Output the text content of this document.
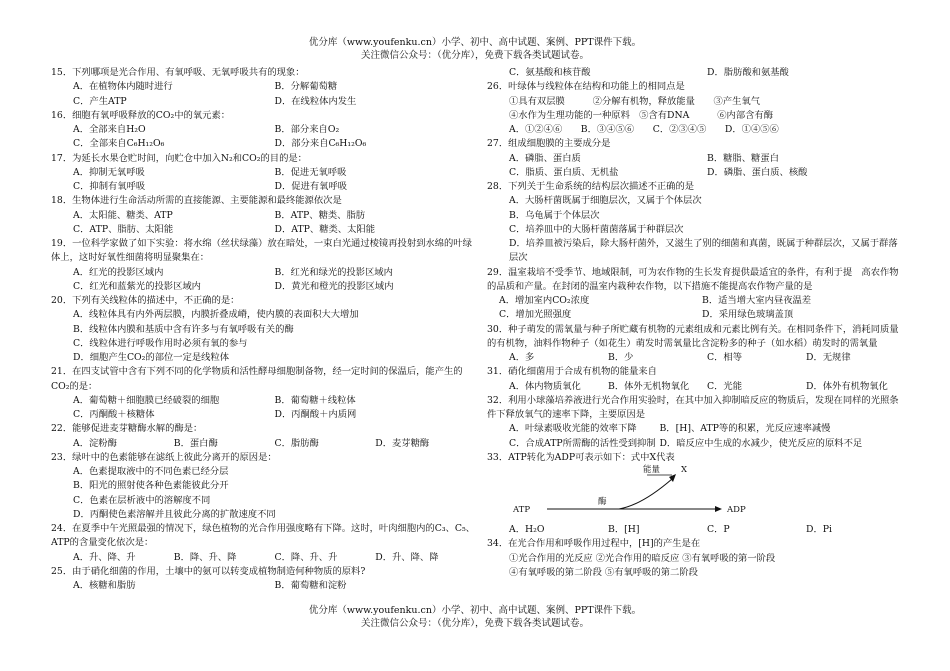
优分库（www.youfenku.cn）小学、初中、高中试题、案例、PPT课件下载。
关注微信公众号：（优分库），免费下载各类试题试卷。
15．下列哪项是光合作用、有氧呼吸、无氧呼吸共有的现象：
A．在植物体内随时进行	B．分解葡萄糖
C．产生ATP	D．在线粒体内发生
16．细胞有氧呼吸释放的CO₂中的氧元素：
A．全部来自H₂O	B．部分来自O₂
C．全部来自C₆H₁₂O₆	D．部分来自C₆H₁₂O₆
17．为延长水果仓贮时间，向贮仓中加入N₂和CO₂的目的是：
A．抑制无氧呼吸	B．促进无氧呼吸
C．抑制有氧呼吸	D．促进有氧呼吸
18．生物体进行生命活动所需的直接能源、主要能源和最终能源依次是
A．太阳能、糖类、ATP	B．ATP、糖类、脂肪
C．ATP、脂肪、太阳能	D．ATP、糖类、太阳能
19．一位科学家做了如下实验：将水绵（丝状绿藻）放在暗处，一束白光通过棱镜再投射到水绵的叶绿体上，这时好氧性细菌将明显聚集在：
A．红光的投影区域内	B．红光和绿光的投影区域内
C．红光和蓝紫光的投影区域内	D．黄光和橙光的投影区域内
20．下列有关线粒体的描述中，不正确的是：
A．线粒体具有内外两层膜，内膜折叠成嵴，使内膜的表面积大大增加
B．线粒体内膜和基质中含有许多与有氧呼吸有关的酶
C．线粒体进行呼吸作用时必须有氧的参与
D．细胞产生CO₂的部位一定是线粒体
21．在四支试管中含有下列不同的化学物质和活性酵母细胞制备物，经一定时间的保温后，能产生的CO₂的是：
A．葡萄糖＋细胞膜已经破裂的细胞	B．葡萄糖＋线粒体
C．丙酮酸＋核糖体	D．丙酮酸＋内质网
22．能够促进麦芽糖酶水解的酶是：
A．淀粉酶	B．蛋白酶	C．脂肪酶	D．麦芽糖酶
23．绿叶中的色素能够在滤纸上彼此分离开的原因是：
A．色素提取液中的不同色素已经分层
B．阳光的照射使各种色素能彼此分开
C．色素在层析液中的溶解度不同
D．丙酮使色素溶解并且彼此分离的扩散速度不同
24．在夏季中午光照最强的情况下，绿色植物的光合作用强度略有下降。这时，叶肉细胞内的C₃、C₅、ATP的含量变化依次是：
A．升、降、升	B．降、升、降	C．降、升、升	D．升、降、降
25．由于硝化细菌的作用，土壤中的氨可以转变成植物制造何种物质的原料?
A．核糖和脂肪	B．葡萄糖和淀粉
C．氨基酸和核苷酸	D．脂肪酸和氨基酸
26．叶绿体与线粒体在结构和功能上的相同点是
①具有双层膜　　　②分解有机物，释放能量　　③产生氧气
④水作为生理功能的一种原料　⑤含有DNA　　　⑥内部含有酶
A．①②④⑥　　B．③④⑤⑥　　C．②③④⑤　　D．①④⑤⑥
27．组成细胞膜的主要成分是
A．磷脂、蛋白质	B．糖脂、糖蛋白
C．脂质、蛋白质、无机盐	D．磷脂、蛋白质、核酸
28．下列关于生命系统的结构层次描述不正确的是
A．大肠杆菌既属于细胞层次，又属于个体层次
B．乌龟属于个体层次
C．培养皿中的大肠杆菌菌落属于种群层次
D．培养皿被污染后，除大肠杆菌外，又滋生了别的细菌和真菌，既属于种群层次，又属于群落层次
29．温室栽培不受季节、地域限制，可为农作物的生长发育提供最适宜的条件，有利于提　高农作物的品质和产量。在封闭的温室内栽种农作物，以下措施不能提高农作物产量的是
A．增加室内CO₂浓度	B．适当增大室内昼夜温差
C．增加光照强度	D．采用绿色玻璃盖顶
30．种子萌发的需氧量与种子所贮藏有机物的元素组成和元素比例有关。在相同条件下，消耗同质量的有机物，油料作物种子（如花生）萌发时需氧量比含淀粉多的种子（如水稻）萌发时的需氧量
A．多	B．少	C．相等	D．无规律
31．硝化细菌用于合成有机物的能量来自
A．体内物质氧化	B．体外无机物氧化	C．光能	D．体外有机物氧化
32．利用小球藻培养液进行光合作用实验时，在其中加入抑制暗反应的物质后，发现在同样的光照条件下释放氧气的速率下降，主要原因是
A．叶绿素吸收光能的效率下降	B．[H]、ATP等的积累，光反应速率减慢
C．合成ATP所需酶的活性受到抑制 D．暗反应中生成的水减少，使光反应的原料不足
33．ATP转化为ADP可表示如下：式中X代表
ATP
酶
能量 X
ADP
A．H₂O	B．[H]	C．P	D．Pi
34．在光合作用和呼吸作用过程中，[H]的产生是在
①光合作用的光反应 ②光合作用的暗反应 ③有氧呼吸的第一阶段
④有氧呼吸的第二阶段 ⑤有氧呼吸的第二阶段
优分库（www.youfenku.cn）小学、初中、高中试题、案例、PPT课件下载。
关注微信公众号：（优分库），免费下载各类试题试卷。
